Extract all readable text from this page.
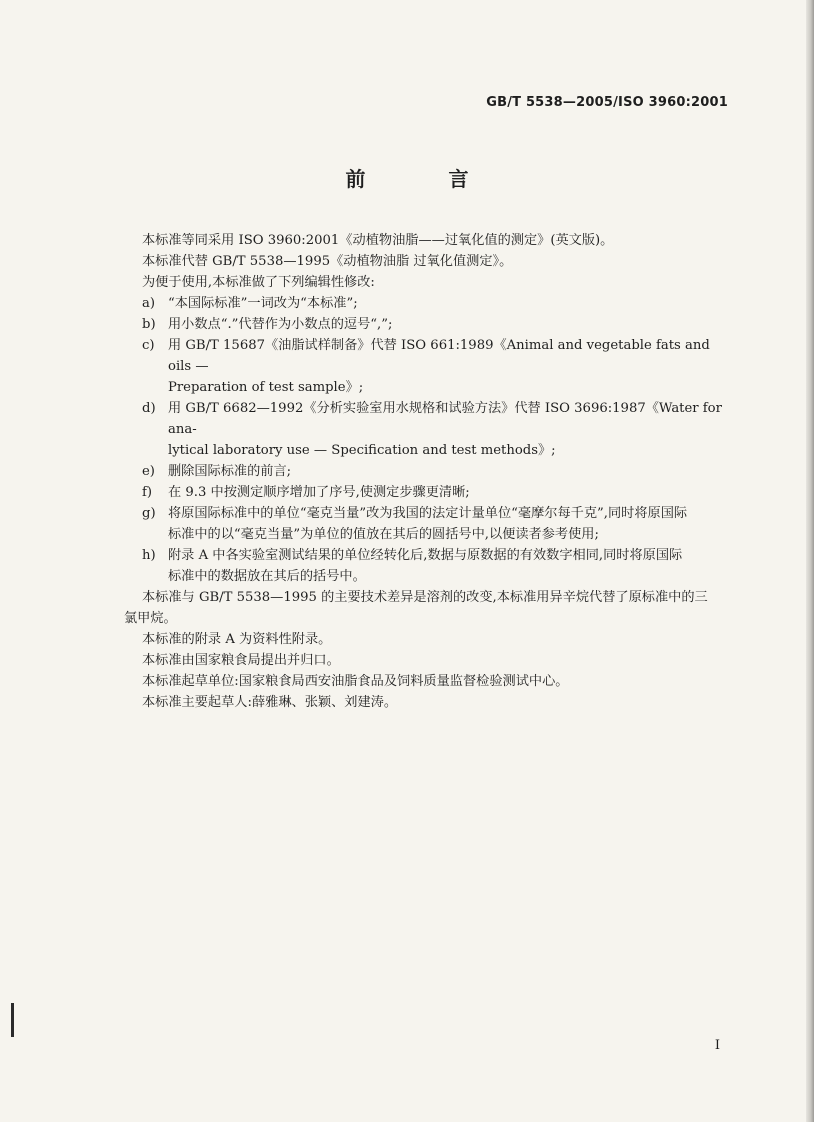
GB/T 5538—2005/ISO 3960:2001
前 言

本标准等同采用 ISO 3960:2001《动植物油脂——过氧化值的测定》(英文版)。

本标准代替 GB/T 5538—1995《动植物油脂 过氧化值测定》。

为便于使用,本标准做了下列编辑性修改:

a) “本国际标准”一词改为“本标准”;

b) 用小数点“.”代替作为小数点的逗号“,”;

c) 用 GB/T 15687《油脂试样制备》代替 ISO 661:1989《Animal and vegetable fats and oils —

Preparation of test sample》;

d) 用 GB/T 6682—1992《分析实验室用水规格和试验方法》代替 ISO 3696:1987《Water for ana-

lytical laboratory use — Specification and test methods》;

e) 删除国际标准的前言;

f) 在 9.3 中按测定顺序增加了序号,使测定步骤更清晰;

g) 将原国际标准中的单位“毫克当量”改为我国的法定计量单位“毫摩尔每千克”,同时将原国际

标准中的以“毫克当量”为单位的值放在其后的圆括号中,以便读者参考使用;

h) 附录 A 中各实验室测试结果的单位经转化后,数据与原数据的有效数字相同,同时将原国际

标准中的数据放在其后的括号中。

本标准与 GB/T 5538—1995 的主要技术差异是溶剂的改变,本标准用异辛烷代替了原标准中的三

氯甲烷。

本标准的附录 A 为资料性附录。

本标准由国家粮食局提出并归口。

本标准起草单位:国家粮食局西安油脂食品及饲料质量监督检验测试中心。

本标准主要起草人:薛雅琳、张颖、刘建涛。

I
